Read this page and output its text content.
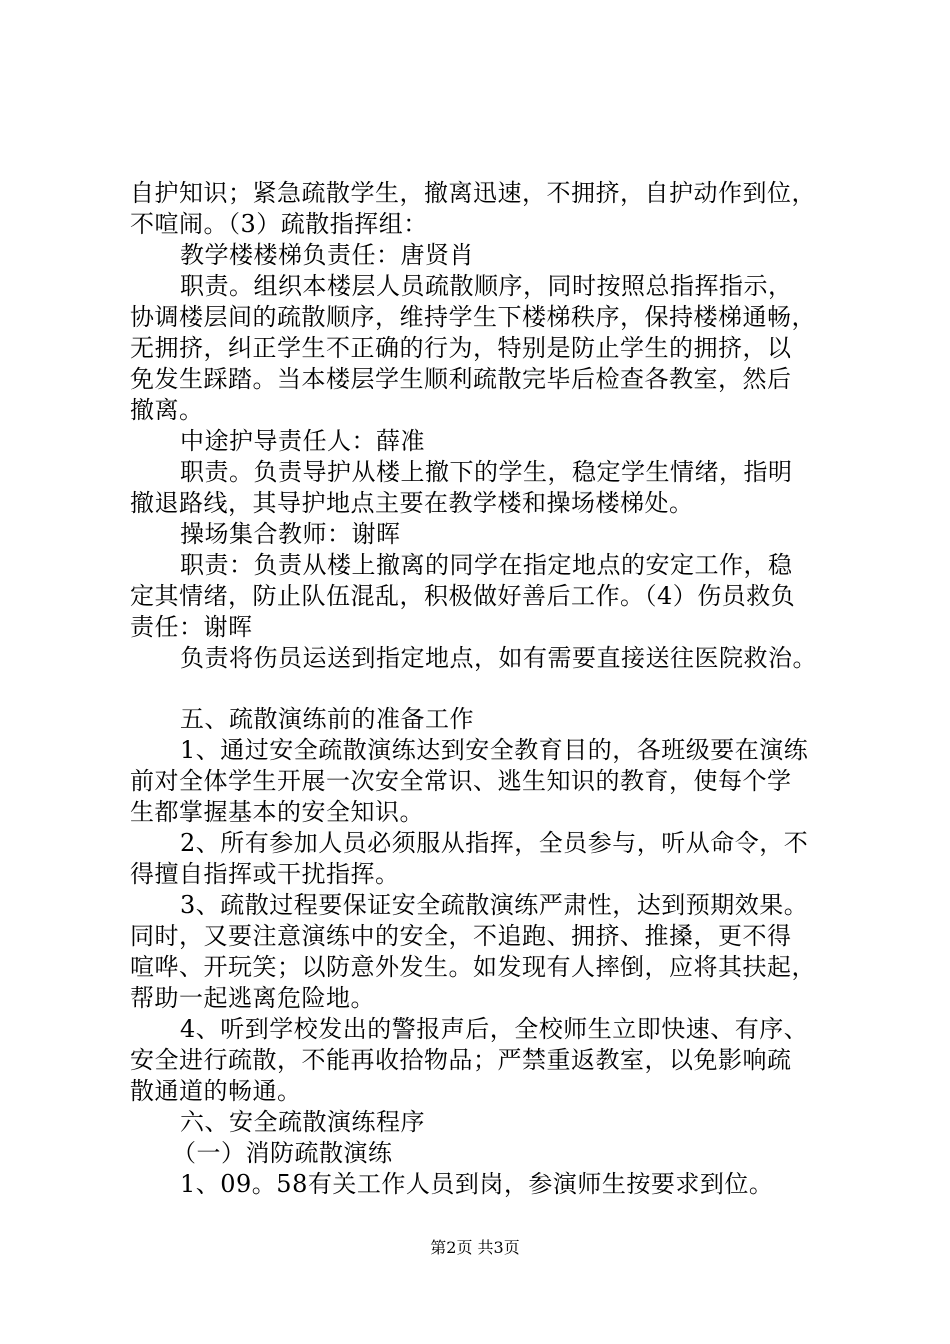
自护知识；紧急疏散学生，撤离迅速，不拥挤，自护动作到位，
不喧闹。（3）疏散指挥组：
教学楼楼梯负责任：唐贤肖
职责。组织本楼层人员疏散顺序，同时按照总指挥指示，
协调楼层间的疏散顺序，维持学生下楼梯秩序，保持楼梯通畅，
无拥挤，纠正学生不正确的行为，特别是防止学生的拥挤，以
免发生踩踏。当本楼层学生顺利疏散完毕后检查各教室，然后
撤离。
中途护导责任人：薛准
职责。负责导护从楼上撤下的学生，稳定学生情绪，指明
撤退路线，其导护地点主要在教学楼和操场楼梯处。
操场集合教师：谢晖
职责：负责从楼上撤离的同学在指定地点的安定工作，稳
定其情绪，防止队伍混乱，积极做好善后工作。（4）伤员救负
责任：谢晖
负责将伤员运送到指定地点，如有需要直接送往医院救治。
五、疏散演练前的准备工作
1、通过安全疏散演练达到安全教育目的，各班级要在演练
前对全体学生开展一次安全常识、逃生知识的教育，使每个学
生都掌握基本的安全知识。
2、所有参加人员必须服从指挥，全员参与，听从命令，不
得擅自指挥或干扰指挥。
3、疏散过程要保证安全疏散演练严肃性，达到预期效果。
同时，又要注意演练中的安全，不追跑、拥挤、推搡，更不得
喧哗、开玩笑；以防意外发生。如发现有人摔倒，应将其扶起，
帮助一起逃离危险地。
4、听到学校发出的警报声后，全校师生立即快速、有序、
安全进行疏散，不能再收拾物品；严禁重返教室，以免影响疏
散通道的畅通。
六、安全疏散演练程序
（一）消防疏散演练
1、09。58有关工作人员到岗，参演师生按要求到位。
第2页 共3页
